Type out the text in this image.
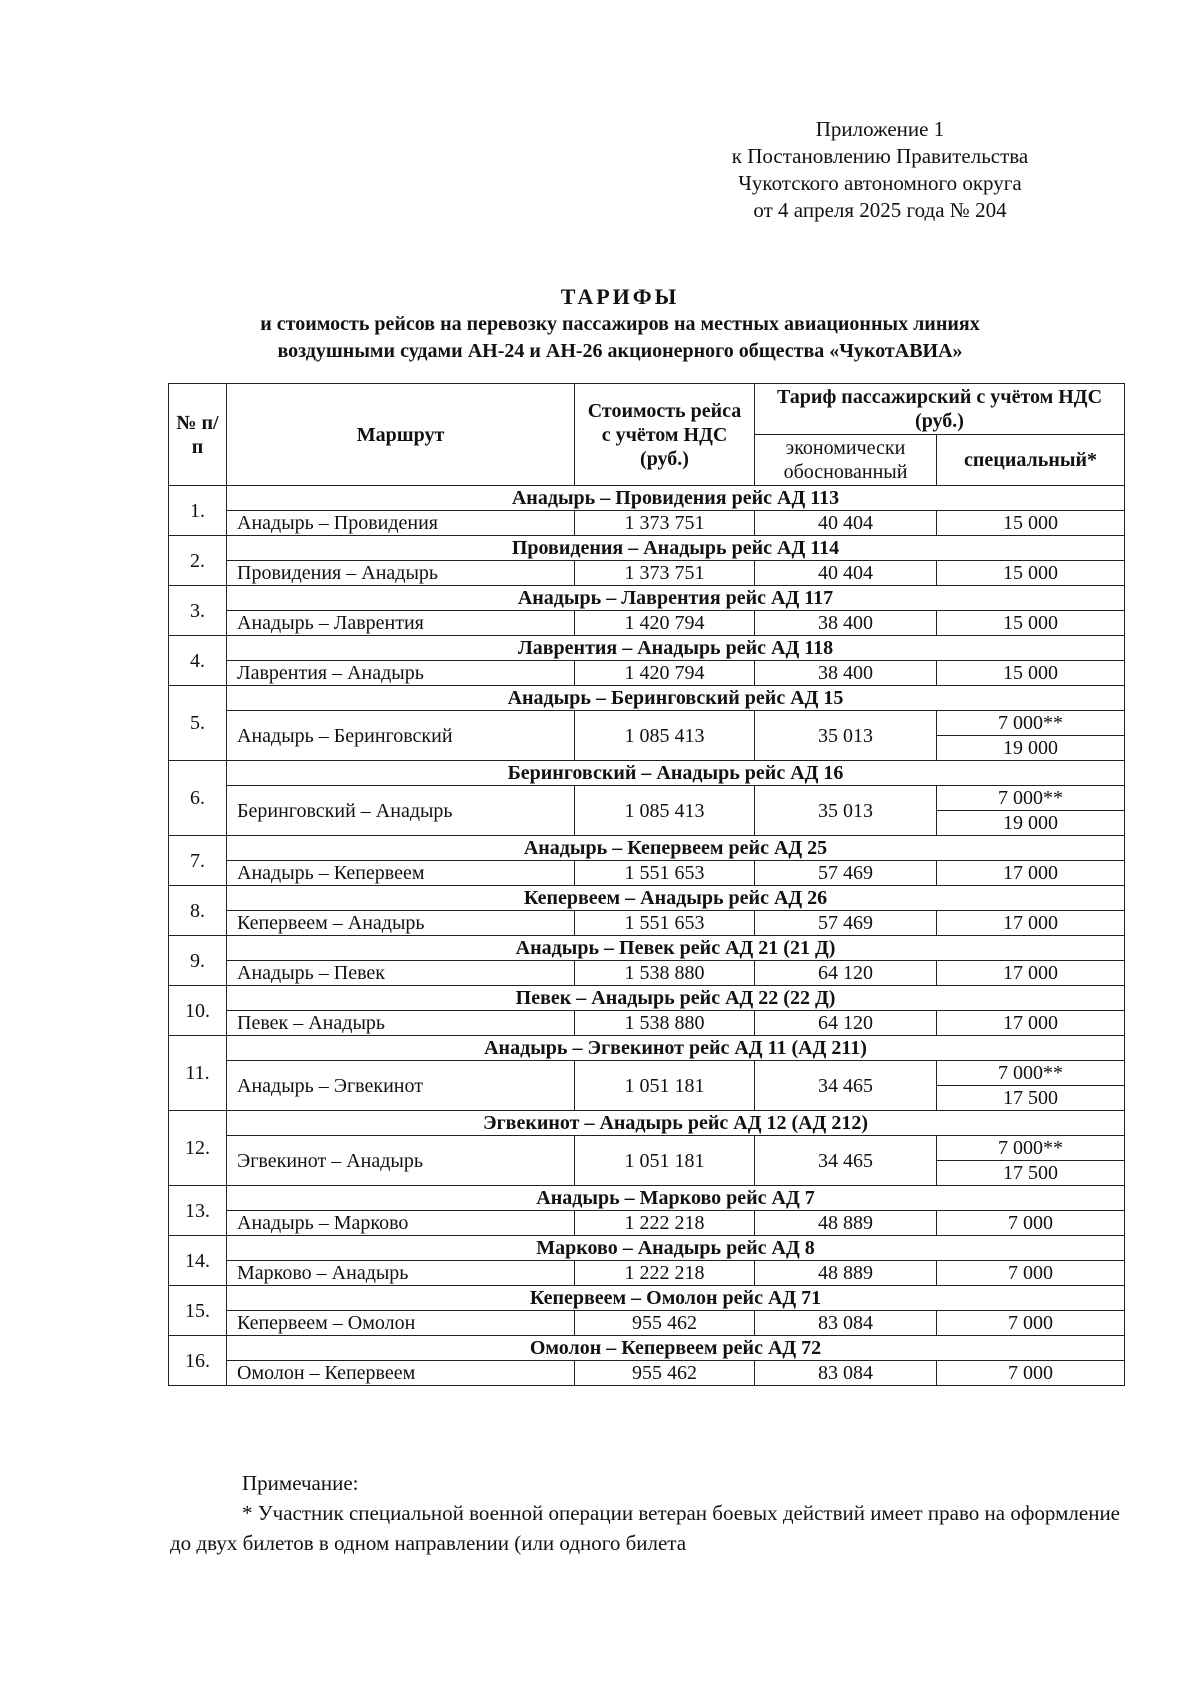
Приложение 1
к Постановлению Правительства
Чукотского автономного округа
от 4 апреля 2025 года № 204
ТАРИФЫ
и стоимость рейсов на перевозку пассажиров на местных авиационных линиях
воздушными судами АН-24 и АН-26 акционерного общества «ЧукотАВИА»
№ п/п	Маршрут	Стоимость рейса с учётом НДС (руб.)	Тариф пассажирский с учётом НДС (руб.)	
			экономически обоснованный	специальный*
1.	Анадырь – Провидения рейс АД 113			
	Анадырь – Провидения	1 373 751	40 404	15 000
2.	Провидения – Анадырь рейс АД 114			
	Провидения – Анадырь	1 373 751	40 404	15 000
3.	Анадырь – Лаврентия рейс АД 117			
	Анадырь – Лаврентия	1 420 794	38 400	15 000
4.	Лаврентия – Анадырь рейс АД 118			
	Лаврентия – Анадырь	1 420 794	38 400	15 000
5.	Анадырь – Беринговский рейс АД 15			
	Анадырь – Беринговский	1 085 413	35 013	7 000**
				19 000
6.	Беринговский – Анадырь рейс АД 16			
	Беринговский – Анадырь	1 085 413	35 013	7 000**
				19 000
7.	Анадырь – Кепервеем рейс АД 25			
	Анадырь – Кепервеем	1 551 653	57 469	17 000
8.	Кепервеем – Анадырь рейс АД 26			
	Кепервеем – Анадырь	1 551 653	57 469	17 000
9.	Анадырь – Певек рейс АД 21 (21 Д)			
	Анадырь – Певек	1 538 880	64 120	17 000
10.	Певек – Анадырь рейс АД 22 (22 Д)			
	Певек – Анадырь	1 538 880	64 120	17 000
11.	Анадырь – Эгвекинот рейс АД 11 (АД 211)			
	Анадырь – Эгвекинот	1 051 181	34 465	7 000**
				17 500
12.	Эгвекинот – Анадырь рейс АД 12 (АД 212)			
	Эгвекинот – Анадырь	1 051 181	34 465	7 000**
				17 500
13.	Анадырь – Марково рейс АД 7			
	Анадырь – Марково	1 222 218	48 889	7 000
14.	Марково – Анадырь рейс АД 8			
	Марково – Анадырь	1 222 218	48 889	7 000
15.	Кепервеем – Омолон рейс АД 71			
	Кепервеем – Омолон	955 462	83 084	7 000
16.	Омолон – Кепервеем рейс АД 72			
	Омолон – Кепервеем	955 462	83 084	7 000
Примечание:
* Участник специальной военной операции ветеран боевых действий имеет право на оформление до двух билетов в одном направлении (или одного билета
